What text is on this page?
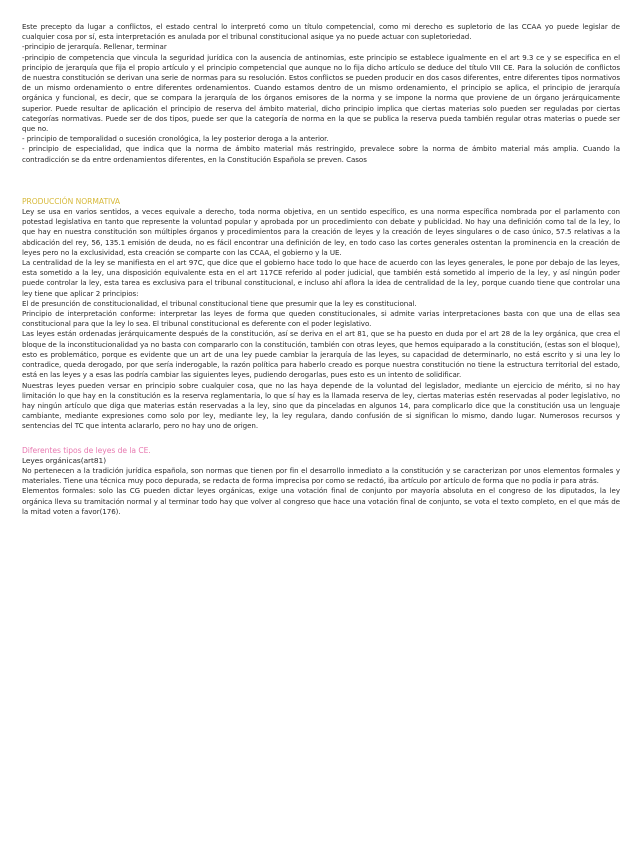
Este precepto da lugar a conflictos, el estado central lo interpretó como un título competencial, como mi derecho es supletorio de las CCAA yo puede legislar de cualquier cosa por sí, esta interpretación es anulada por el tribunal constitucional asique ya no puede actuar con supletoriedad.

-principio de jerarquía. Rellenar, terminar

-principio de competencia que vincula la seguridad jurídica con la ausencia de antinomias, este principio se establece igualmente en el art 9.3 ce y se especifica en el principio de jerarquía que fija el propio artículo y el principio competencial que aunque no lo fija dicho artículo se deduce del título VIII CE. Para la solución de conflictos de nuestra constitución se derivan una serie de normas para su resolución. Estos conflictos se pueden producir en dos casos diferentes, entre diferentes tipos normativos de un mismo ordenamiento o entre diferentes ordenamientos. Cuando estamos dentro de un mismo ordenamiento, el principio se aplica, el principio de jerarquía orgánica y funcional, es decir, que se compara la jerarquía de los órganos emisores de la norma y se impone la norma que proviene de un órgano jerárquicamente superior. Puede resultar de aplicación el principio de reserva del ámbito material, dicho principio implica que ciertas materias solo pueden ser reguladas por ciertas categorías normativas. Puede ser de dos tipos, puede ser que la categoría de norma en la que se publica la reserva pueda también regular otras materias o puede ser que no.

- principio de temporalidad o sucesión cronológica, la ley posterior deroga a la anterior.

- principio de especialidad, que indica que la norma de ámbito material más restringido, prevalece sobre la norma de ámbito material más amplia. Cuando la contradicción se da entre ordenamientos diferentes, en la Constitución Española se preven. Casos

PRODUCCIÓN NORMATIVA

Ley se usa en varios sentidos, a veces equivale a derecho, toda norma objetiva, en un sentido específico, es una norma específica nombrada por el parlamento con potestad legislativa en tanto que represente la voluntad popular y aprobada por un procedimiento con debate y publicidad. No hay una definición como tal de la ley, lo que hay en nuestra constitución son múltiples órganos y procedimientos para la creación de leyes y la creación de leyes singulares o de caso único, 57.5 relativas a la abdicación del rey, 56, 135.1 emisión de deuda, no es fácil encontrar una definición de ley, en todo caso las cortes generales ostentan la prominencia en la creación de leyes pero no la exclusividad, esta creación se comparte con las CCAA, el gobierno y la UE.

La centralidad de la ley se manifiesta en el art 97C, que dice que el gobierno hace todo lo que hace de acuerdo con las leyes generales, le pone por debajo de las leyes, esta sometido a la ley, una disposición equivalente esta en el art 117CE referido al poder judicial, que también está sometido al imperio de la ley, y así ningún poder puede controlar la ley, esta tarea es exclusiva para el tribunal constitucional, e incluso ahí aflora la idea de centralidad de la ley, porque cuando tiene que controlar una ley tiene que aplicar 2 principios:

El de presunción de constitucionalidad, el tribunal constitucional tiene que presumir que la ley es constitucional.

Principio de interpretación conforme: interpretar las leyes de forma que queden constitucionales, si admite varias interpretaciones basta con que una de ellas sea constitucional para que la ley lo sea. El tribunal constitucional es deferente con el poder legislativo.

Las leyes están ordenadas jerárquicamente después de la constitución, así se deriva en el art 81, que se ha puesto en duda por el art 28 de la ley orgánica, que crea el bloque de la inconstitucionalidad ya no basta con compararlo con la constitución, también con otras leyes, que hemos equiparado a la constitución, (estas son el bloque), esto es problemático, porque es evidente que un art de una ley puede cambiar la jerarquía de las leyes, su capacidad de determinarlo, no está escrito y si una ley lo contradice, queda derogado, por que sería inderogable, la razón política para haberlo creado es porque nuestra constitución no tiene la estructura territorial del estado, está en las leyes y a esas las podría cambiar las siguientes leyes, pudiendo derogarlas, pues esto es un intento de solidificar.

Nuestras leyes pueden versar en principio sobre cualquier cosa, que no las haya depende de la voluntad del legislador, mediante un ejercicio de mérito, si no hay limitación lo que hay en la constitución es la reserva reglamentaria, lo que sí hay es la llamada reserva de ley, ciertas materias estén reservadas al poder legislativo, no hay ningún artículo que diga que materias están reservadas a la ley, sino que da pinceladas en algunos 14, para complicarlo dice que la constitución usa un lenguaje cambiante, mediante expresiones como solo por ley, mediante ley, la ley regulara, dando confusión de si significan lo mismo, dando lugar. Numerosos recursos y sentencias del TC que intenta aclararlo, pero no hay uno de origen.

Diferentes tipos de leyes de la CE.

Leyes orgánicas(art81)

No pertenecen a la tradición jurídica española, son normas que tienen por fin el desarrollo inmediato a la constitución y se caracterizan por unos elementos formales y materiales. Tiene una técnica muy poco depurada, se redacta de forma imprecisa por como se redactó, iba artículo por artículo de forma que no podía ir para atrás.

Elementos formales: solo las CG pueden dictar leyes orgánicas, exige una votación final de conjunto por mayoría absoluta en el congreso de los diputados, la ley orgánica lleva su tramitación normal y al terminar todo hay que volver al congreso que hace una votación final de conjunto, se vota el texto completo, en el que más de la mitad voten a favor(176).
